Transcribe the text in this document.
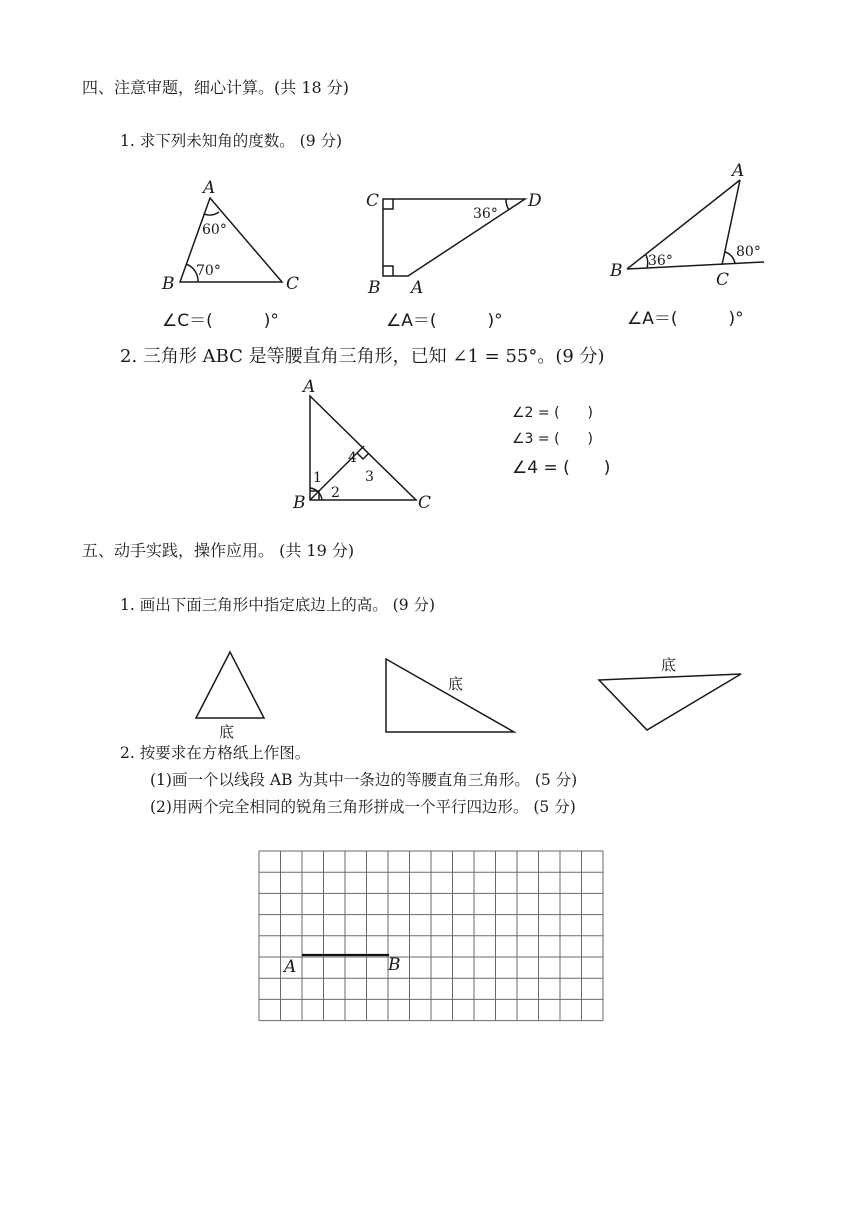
四、注意审题，细心计算。(共 18 分)
1. 求下列未知角的度数。 (9 分)
A
B	C
60°
70°
C	D
B A
36°
A
B	C
36°
80°
A
B	C
1
2
3
4
底
底
底
A	B
∠C＝(　　　)°	∠A＝(　　　)°	∠A＝(　　　)°
2. 三角形 ABC 是等腰直角三角形，已知 ∠1 = 55°。(9 分)
∠2 = (　　)
∠3 = (　　)
∠4 = (　　)
五、动手实践，操作应用。 (共 19 分)
1. 画出下面三角形中指定底边上的高。 (9 分)
2. 按要求在方格纸上作图。
(1)画一个以线段 AB 为其中一条边的等腰直角三角形。 (5 分)
(2)用两个完全相同的锐角三角形拼成一个平行四边形。 (5 分)
